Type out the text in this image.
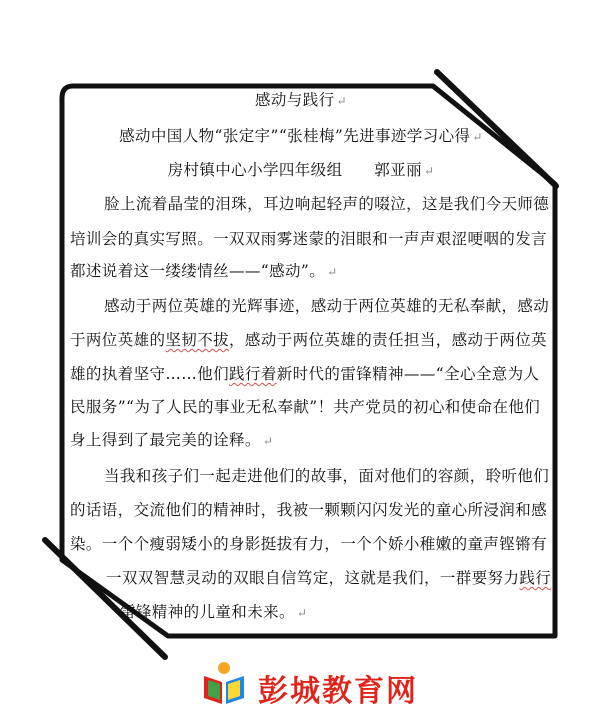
感动与践行 ↵
感动中国人物“张定宇”“张桂梅”先进事迹学习心得 ↵
房村镇中心小学四年级组　　郭亚丽 ↵
脸上流着晶莹的泪珠，耳边响起轻声的啜泣，这是我们今天师德
培训会的真实写照。一双双雨雾迷蒙的泪眼和一声声艰涩哽咽的发言
都述说着这一缕缕情丝——“感动”。 ↵
感动于两位英雄的光辉事迹，感动于两位英雄的无私奉献，感动
于两位英雄的坚韧不拔，感动于两位英雄的责任担当，感动于两位英
雄的执着坚守……他们践行着新时代的雷锋精神——“全心全意为人
民服务”“为了人民的事业无私奉献”！共产党员的初心和使命在他们
身上得到了最完美的诠释。 ↵
当我和孩子们一起走进他们的故事，面对他们的容颜，聆听他们
的话语，交流他们的精神时，我被一颗颗闪闪发光的童心所浸润和感
染。一个个瘦弱矮小的身影挺拔有力，一个个娇小稚嫩的童声铿锵有
一双双智慧灵动的双眼自信笃定，这就是我们，一群要努力践行
雷锋精神的儿童和未来。 ↵
彭城教育网
